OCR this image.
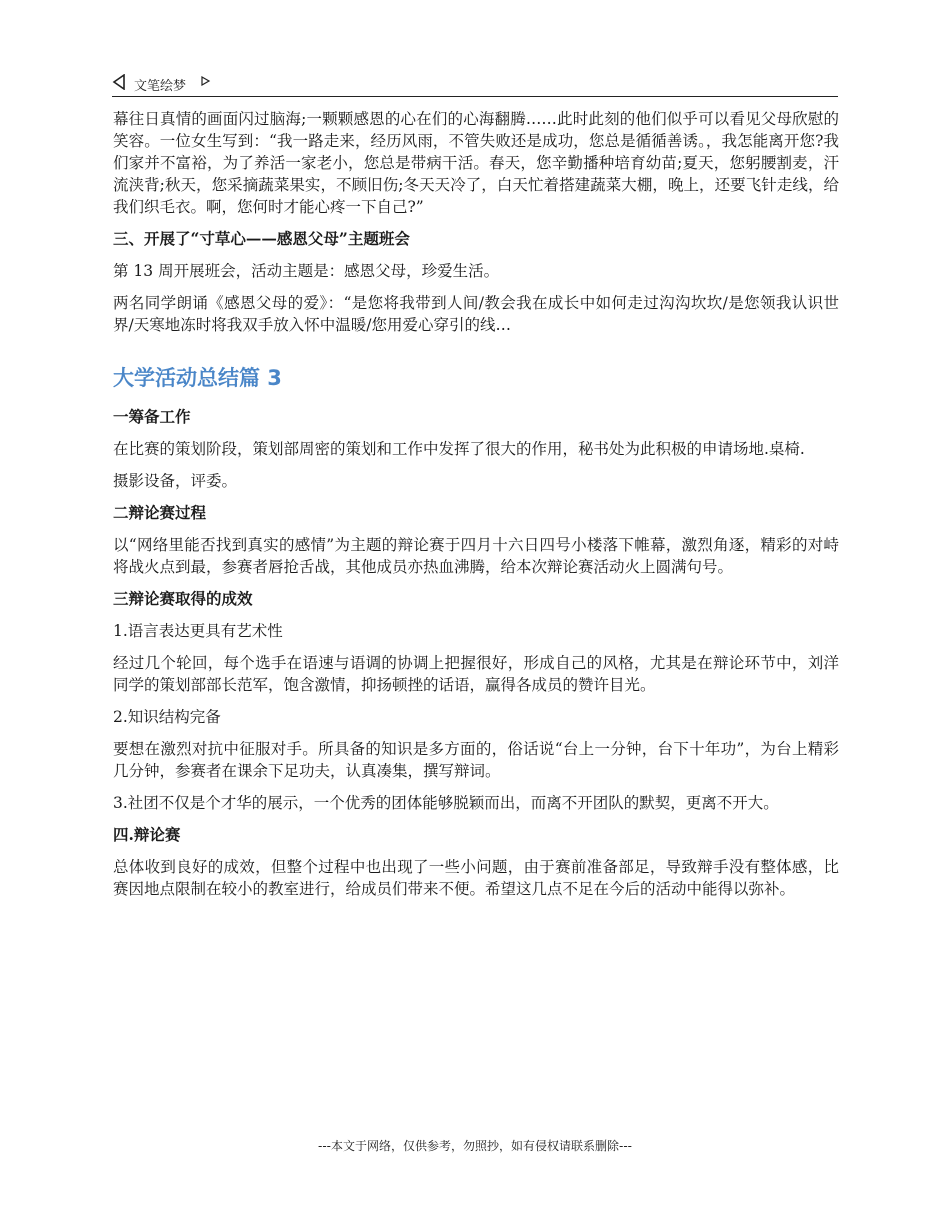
文笔绘梦

幕往日真情的画面闪过脑海;一颗颗感恩的心在们的心海翻腾……此时此刻的他们似乎可以看见父母欣慰的笑容。一位女生写到：“我一路走来，经历风雨，不管失败还是成功，您总是循循善诱。，我怎能离开您?我们家并不富裕，为了养活一家老小，您总是带病干活。春天，您辛勤播种培育幼苗;夏天，您躬腰割麦，汗流浃背;秋天，您采摘蔬菜果实，不顾旧伤;冬天天冷了，白天忙着搭建蔬菜大棚，晚上，还要飞针走线，给我们织毛衣。啊，您何时才能心疼一下自己?”

三、开展了“寸草心——感恩父母”主题班会

第 13 周开展班会，活动主题是：感恩父母，珍爱生活。

两名同学朗诵《感恩父母的爱》：“是您将我带到人间/教会我在成长中如何走过沟沟坎坎/是您领我认识世界/天寒地冻时将我双手放入怀中温暖/您用爱心穿引的线…

大学活动总结篇 3
一筹备工作

在比赛的策划阶段，策划部周密的策划和工作中发挥了很大的作用，秘书处为此积极的申请场地.桌椅.

摄影设备，评委。

二辩论赛过程

以“网络里能否找到真实的感情”为主题的辩论赛于四月十六日四号小楼落下帷幕，激烈角逐，精彩的对峙将战火点到最，参赛者唇抢舌战，其他成员亦热血沸腾，给本次辩论赛活动火上圆满句号。

三辩论赛取得的成效

1.语言表达更具有艺术性

经过几个轮回，每个选手在语速与语调的协调上把握很好，形成自己的风格，尤其是在辩论环节中，刘洋同学的策划部部长范军，饱含激情，抑扬顿挫的话语，赢得各成员的赞许目光。

2.知识结构完备

要想在激烈对抗中征服对手。所具备的知识是多方面的，俗话说“台上一分钟，台下十年功”，为台上精彩几分钟，参赛者在课余下足功夫，认真凑集，撰写辩词。

3.社团不仅是个才华的展示，一个优秀的团体能够脱颖而出，而离不开团队的默契，更离不开大。

四.辩论赛

总体收到良好的成效，但整个过程中也出现了一些小问题，由于赛前准备部足，导致辩手没有整体感，比赛因地点限制在较小的教室进行，给成员们带来不便。希望这几点不足在今后的活动中能得以弥补。

---本文于网络，仅供参考，勿照抄，如有侵权请联系删除---
